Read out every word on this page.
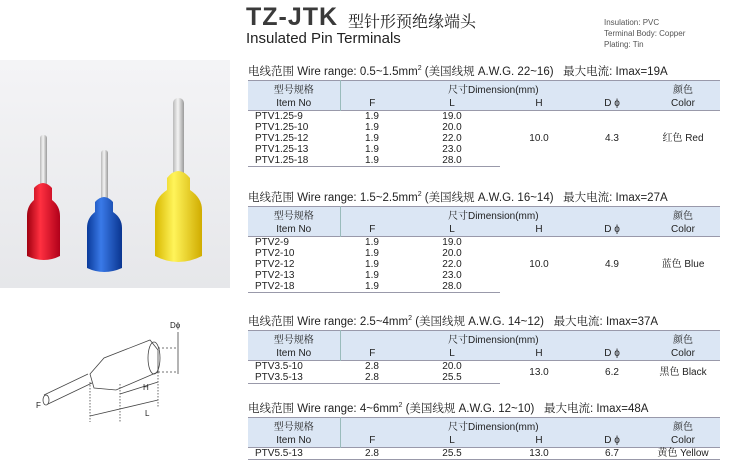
TZ-JTK 型针形预绝缘端头
Insulated Pin Terminals
Insulation: PVC
Terminal Body: Copper
Plating: Tin
Dϕ
H
L
F
电线范围 Wire range: $0.5\sim 1.5mm^2$ (美国线规 A.W.G. 22~16) 最大电流: Imax=19A
型号规格	尺寸Dimension(mm)				颜色
Item No	F	L	H	D ϕ	Color
PTV1.25-9	1.9	19.0	10.0	4.3	红色 Red
PTV1.25-10	1.9	20.0			
PTV1.25-12	1.9	22.0			
PTV1.25-13	1.9	23.0			
PTV1.25-18	1.9	28.0			
电线范围 Wire range: $1.5\sim 2.5mm^2$ (美国线规 A.W.G. 16~14) 最大电流: Imax=27A
型号规格	尺寸Dimension(mm)				颜色
Item No	F	L	H	D ϕ	Color
PTV2-9	1.9	19.0	10.0	4.9	蓝色 Blue
PTV2-10	1.9	20.0			
PTV2-12	1.9	22.0			
PTV2-13	1.9	23.0			
PTV2-18	1.9	28.0			
电线范围 Wire range: $2.5\sim 4mm^2$ (美国线规 A.W.G. 14~12) 最大电流: Imax=37A
型号规格	尺寸Dimension(mm)				颜色
Item No	F	L	H	D ϕ	Color
PTV3.5-10	2.8	20.0	13.0	6.2	黑色 Black
PTV3.5-13	2.8	25.5			
电线范围 Wire range: $4\sim 6mm^2$ (美国线规 A.W.G. 12~10) 最大电流: Imax=48A
型号规格	尺寸Dimension(mm)				颜色
Item No	F	L	H	D ϕ	Color
PTV5.5-13	2.8	25.5	13.0	6.7	黄色 Yellow
